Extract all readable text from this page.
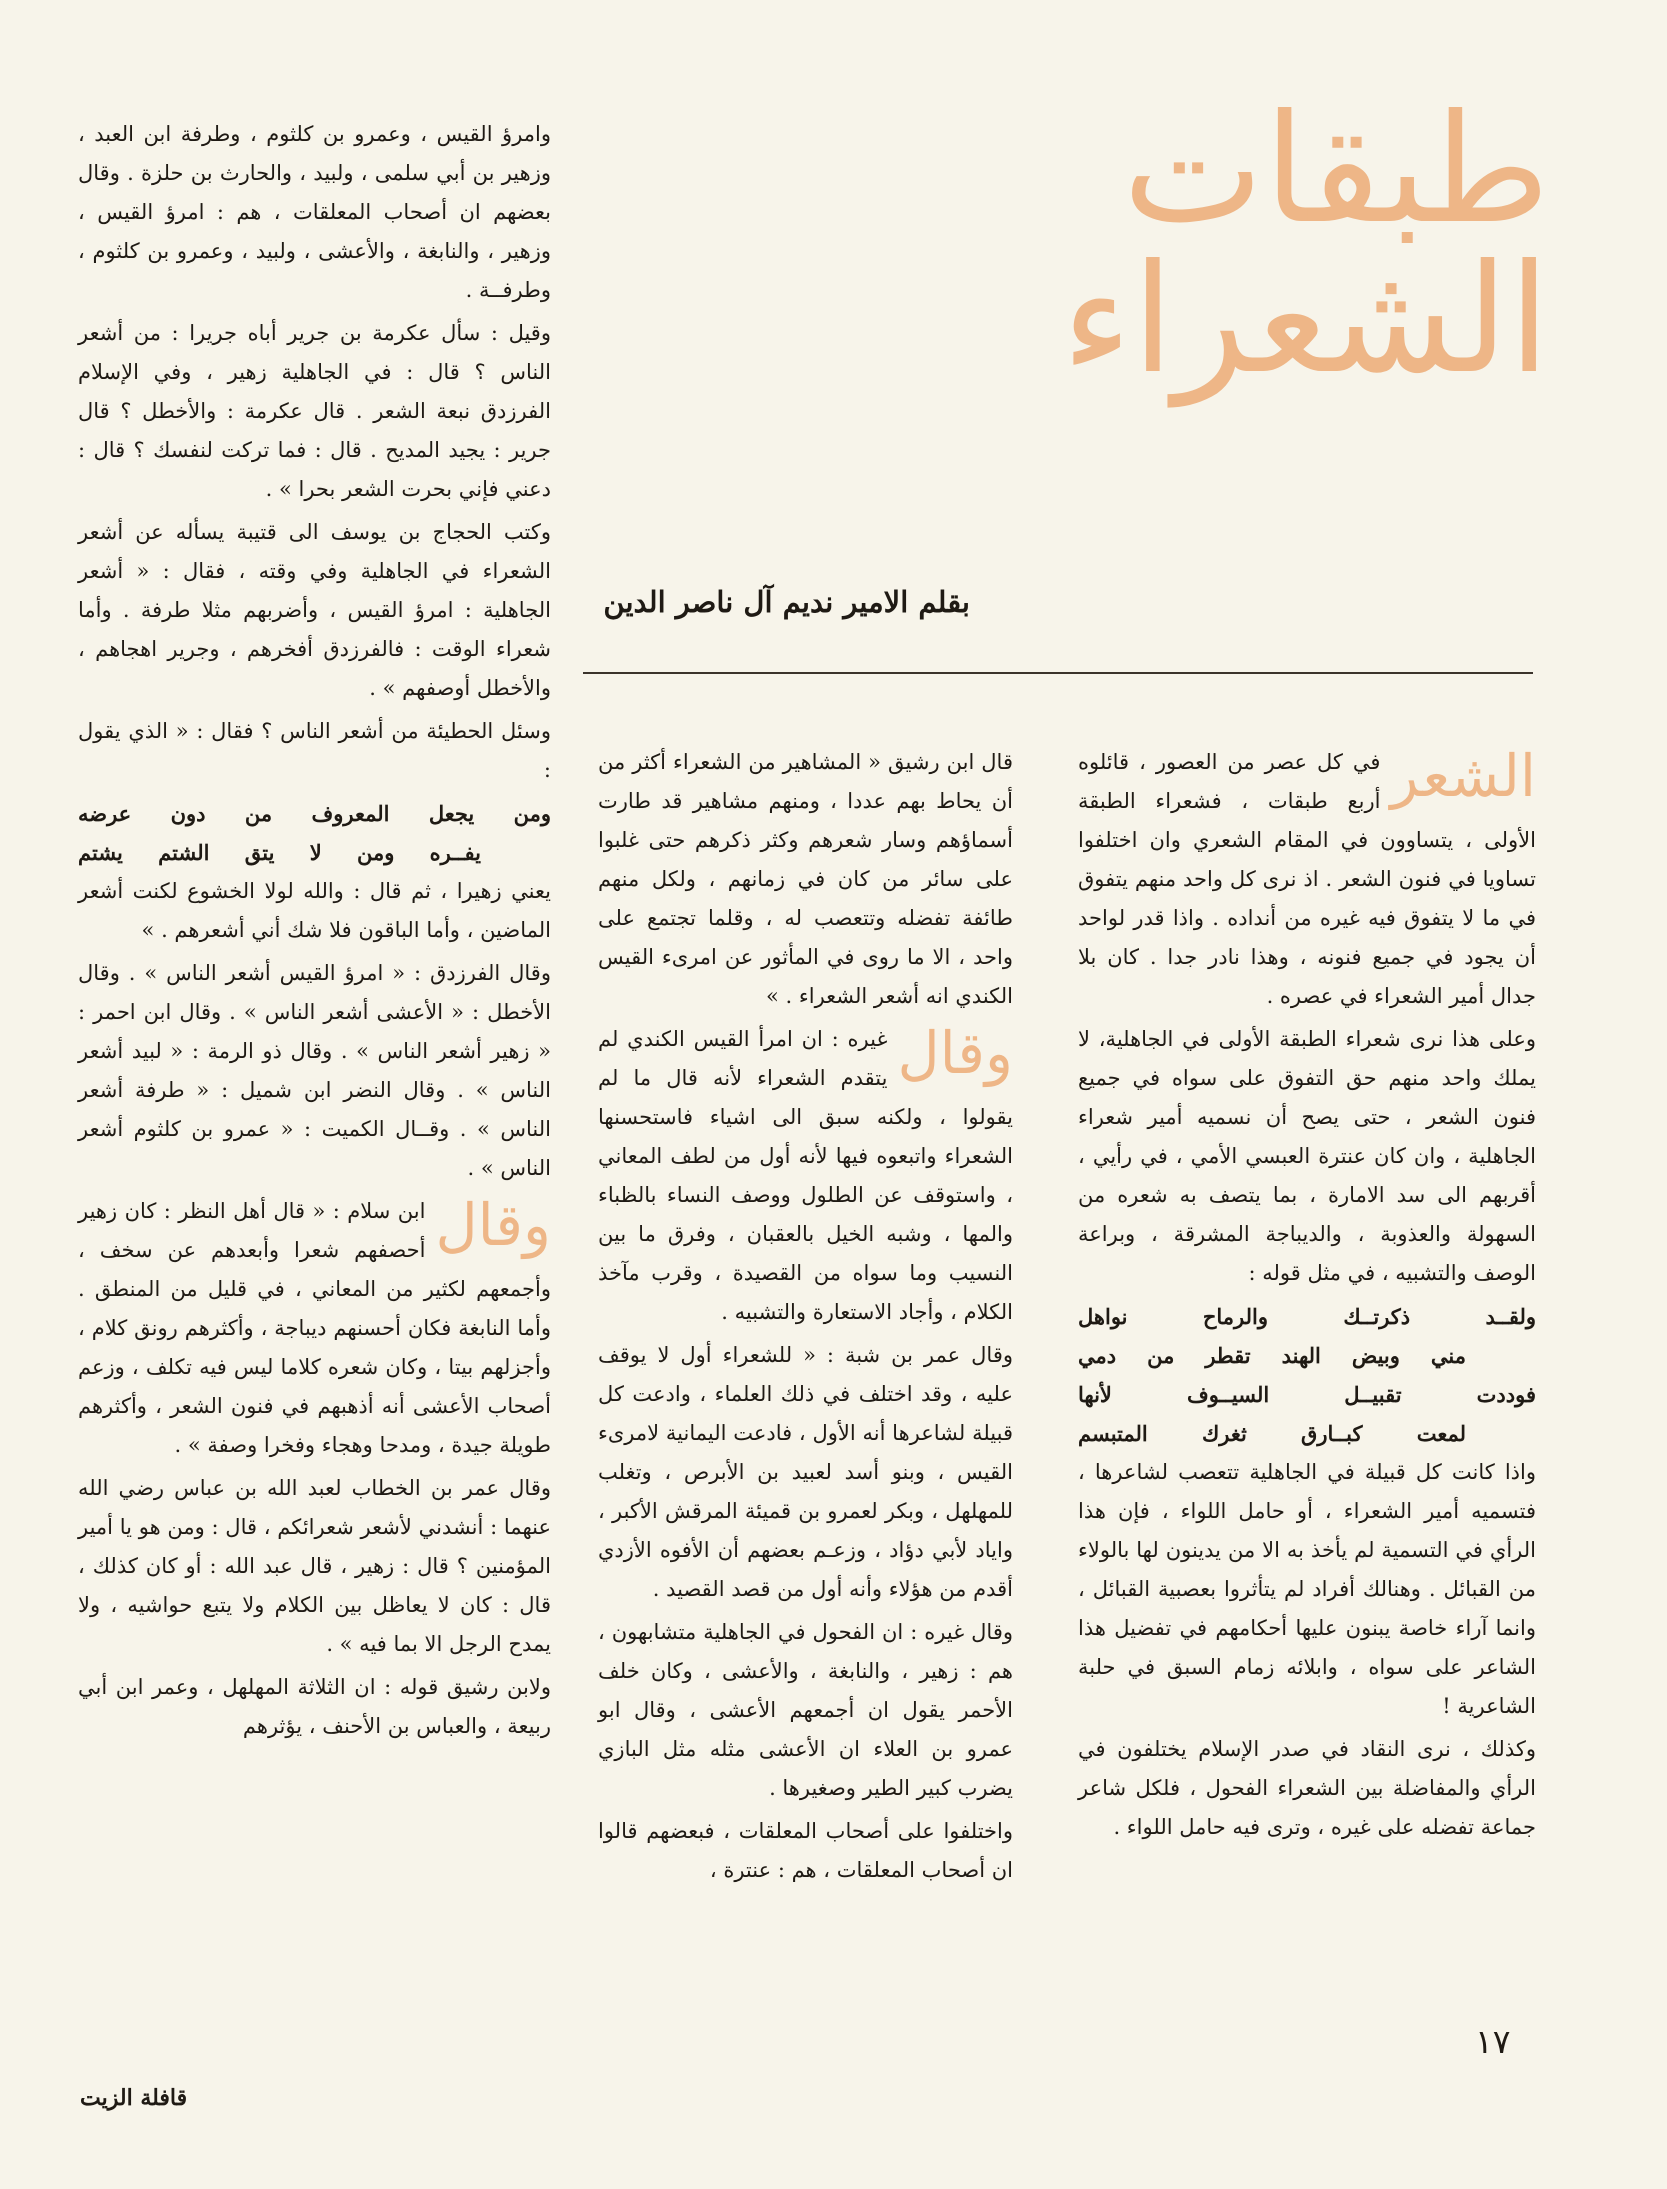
طبقات الشعراء
بقلم الامير نديم آل ناصر الدين

الشعر
في كل عصر من العصور ، قائلوه أربع طبقات ، فشعراء الطبقة الأولى ، يتساوون في المقام الشعري وان اختلفوا تساويا في فنون الشعر . اذ نرى كل واحد منهم يتفوق في ما لا يتفوق فيه غيره من أنداده . واذا قدر لواحد أن يجود في جميع فنونه ، وهذا نادر جدا . كان بلا جدال أمير الشعراء في عصره .

وعلى هذا نرى شعراء الطبقة الأولى في الجاهلية، لا يملك واحد منهم حق التفوق على سواه في جميع فنون الشعر ، حتى يصح أن نسميه أمير شعراء الجاهلية ، وان كان عنترة العبسي الأمي ، في رأيي ، أقربهم الى سد الامارة ، بما يتصف به شعره من السهولة والعذوبة ، والديباجة المشرقة ، وبراعة الوصف والتشبيه ، في مثل قوله :

ولقــد ذكرتــك والرماح نواهل
مني وبيض الهند تقطر من دمي
فوددت تقبيــل السيــوف لأنها
لمعت كبــارق ثغرك المتبسم

واذا كانت كل قبيلة في الجاهلية تتعصب لشاعرها ، فتسميه أمير الشعراء ، أو حامل اللواء ، فإن هذا الرأي في التسمية لم يأخذ به الا من يدينون لها بالولاء من القبائل . وهنالك أفراد لم يتأثروا بعصبية القبائل ، وانما آراء خاصة يبنون عليها أحكامهم في تفضيل هذا الشاعر على سواه ، وابلائه زمام السبق في حلبة الشاعرية !

وكذلك ، نرى النقاد في صدر الإسلام يختلفون في الرأي والمفاضلة بين الشعراء الفحول ، فلكل شاعر جماعة تفضله على غيره ، وترى فيه حامل اللواء .

قال ابن رشيق « المشاهير من الشعراء أكثر من أن يحاط بهم عددا ، ومنهم مشاهير قد طارت أسماؤهم وسار شعرهم وكثر ذكرهم حتى غلبوا على سائر من كان في زمانهم ، ولكل منهم طائفة تفضله وتتعصب له ، وقلما تجتمع على واحد ، الا ما روى في المأثور عن امرىء القيس الكندي انه أشعر الشعراء . »

وقال
غيره : ان امرأ القيس الكندي لم يتقدم الشعراء لأنه قال ما لم يقولوا ، ولكنه سبق الى اشياء فاستحسنها الشعراء واتبعوه فيها لأنه أول من لطف المعاني ، واستوقف عن الطلول ووصف النساء بالظباء والمها ، وشبه الخيل بالعقبان ، وفرق ما بين النسيب وما سواه من القصيدة ، وقرب مآخذ الكلام ، وأجاد الاستعارة والتشبيه .

وقال عمر بن شبة : « للشعراء أول لا يوقف عليه ، وقد اختلف في ذلك العلماء ، وادعت كل قبيلة لشاعرها أنه الأول ، فادعت اليمانية لامرىء القيس ، وبنو أسد لعبيد بن الأبرص ، وتغلب للمهلهل ، وبكر لعمرو بن قميئة المرقش الأكبر ، واياد لأبي دؤاد ، وزعـم بعضهم أن الأفوه الأزدي أقدم من هؤلاء وأنه أول من قصد القصيد .

وقال غيره : ان الفحول في الجاهلية متشابهون ، هم : زهير ، والنابغة ، والأعشى ، وكان خلف الأحمر يقول ان أجمعهم الأعشى ، وقال ابو عمرو بن العلاء ان الأعشى مثله مثل البازي يضرب كبير الطير وصغيرها .

واختلفوا على أصحاب المعلقات ، فبعضهم قالوا ان أصحاب المعلقات ، هم : عنترة ،

وامرؤ القيس ، وعمرو بن كلثوم ، وطرفة ابن العبد ، وزهير بن أبي سلمى ، ولبيد ، والحارث بن حلزة . وقال بعضهم ان أصحاب المعلقات ، هم : امرؤ القيس ، وزهير ، والنابغة ، والأعشى ، ولبيد ، وعمرو بن كلثوم ، وطرفــة .

وقيل : سأل عكرمة بن جرير أباه جريرا : من أشعر الناس ؟ قال : في الجاهلية زهير ، وفي الإسلام الفرزدق نبعة الشعر . قال عكرمة : والأخطل ؟ قال جرير : يجيد المديح . قال : فما تركت لنفسك ؟ قال : دعني فإني بحرت الشعر بحرا » .

وكتب الحجاج بن يوسف الى قتيبة يسأله عن أشعر الشعراء في الجاهلية وفي وقته ، فقال : « أشعر الجاهلية : امرؤ القيس ، وأضربهم مثلا طرفة . وأما شعراء الوقت : فالفرزدق أفخرهم ، وجرير اهجاهم ، والأخطل أوصفهم » .

وسئل الحطيئة من أشعر الناس ؟ فقال : « الذي يقول :

ومن يجعل المعروف من دون عرضه
يفــره ومن لا يتق الشتم يشتم

يعني زهيرا ، ثم قال : والله لولا الخشوع لكنت أشعر الماضين ، وأما الباقون فلا شك أني أشعرهم . »

وقال الفرزدق : « امرؤ القيس أشعر الناس » . وقال الأخطل : « الأعشى أشعر الناس » . وقال ابن احمر : « زهير أشعر الناس » . وقال ذو الرمة : « لبيد أشعر الناس » . وقال النضر ابن شميل : « طرفة أشعر الناس » . وقــال الكميت : « عمرو بن كلثوم أشعر الناس » .

وقال
ابن سلام : « قال أهل النظر : كان زهير أحصفهم شعرا وأبعدهم عن سخف ، وأجمعهم لكثير من المعاني ، في قليل من المنطق . وأما النابغة فكان أحسنهم ديباجة ، وأكثرهم رونق كلام ، وأجزلهم بيتا ، وكان شعره كلاما ليس فيه تكلف ، وزعم أصحاب الأعشى أنه أذهبهم في فنون الشعر ، وأكثرهم طويلة جيدة ، ومدحا وهجاء وفخرا وصفة » .

وقال عمر بن الخطاب لعبد الله بن عباس رضي الله عنهما : أنشدني لأشعر شعرائكم ، قال : ومن هو يا أمير المؤمنين ؟ قال : زهير ، قال عبد الله : أو كان كذلك ، قال : كان لا يعاظل بين الكلام ولا يتبع حواشيه ، ولا يمدح الرجل الا بما فيه » .

ولابن رشيق قوله : ان الثلاثة المهلهل ، وعمر ابن أبي ربيعة ، والعباس بن الأحنف ، يؤثرهم

١٧
قافلة الزيت
